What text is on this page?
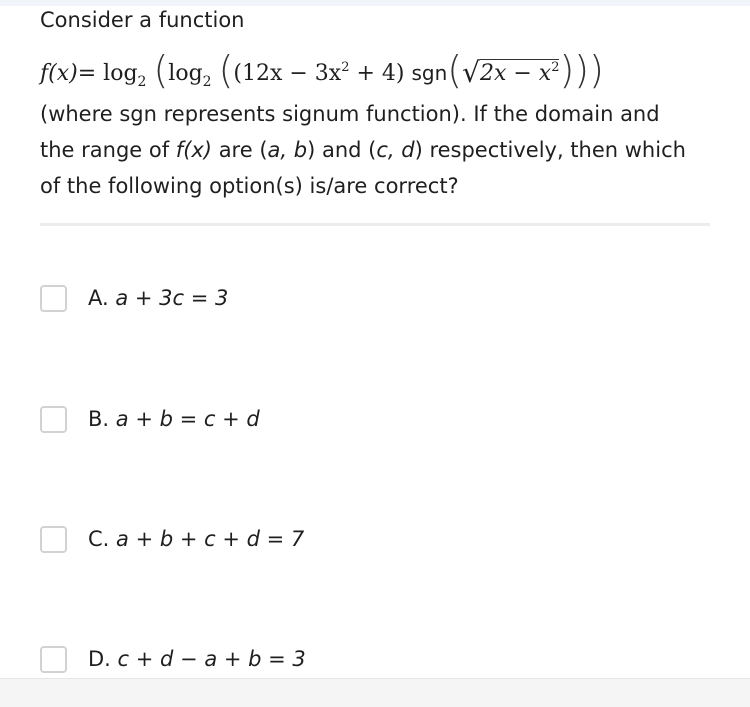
Consider a function
$f(x)= \log_2 (\log_2$ ($(12x - 3x^2 + 4)$ $sgn(√2x - x^2)$))
(where sgn represents signum function). If the domain and
the range of f(x) are (a, b) and (c, d) respectively, then which
of the following option(s) is/are correct?
A. a + 3c = 3
B. a + b = c + d
C. a + b + c + d = 7
D. c + d − a + b = 3
